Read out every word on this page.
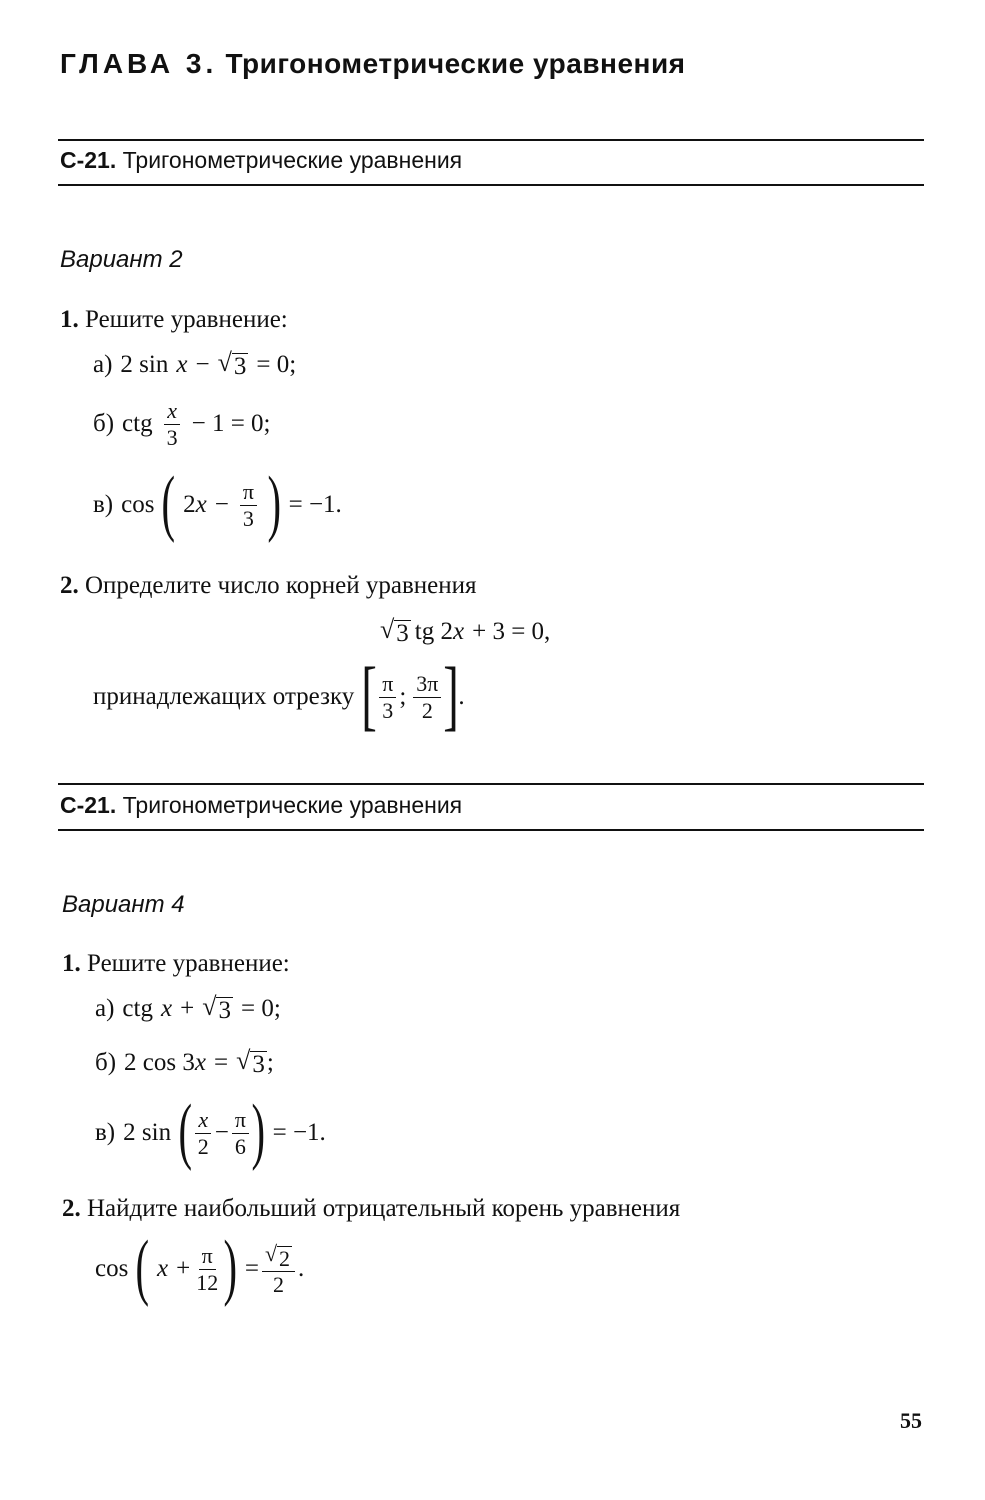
ГЛАВА 3. Тригонометрические уравнения
С-21. Тригонометрические уравнения
Вариант 2
1. Решите уравнение:
а) 2 sin x − √ 3 = 0;
б) ctg $\frac{x}{3} - 1 = 0$;
в) cos ( 2 $x - \frac{\pi}{3}$ ) = −1.
2. Определите число корней уравнения
√ 3 tg 2 x + 3 = 0,
принадлежащих отрезку [ $\frac{\pi}{3}$ ; $\frac{3\pi}{2}$ ] .
С-21. Тригонометрические уравнения
Вариант 4
1. Решите уравнение:
а) ctg x + √ 3 = 0;
б) 2 cos 3 x = √ 3 ;
в) 2 sin ( $\frac{x}{2} - \frac{\pi}{6}$ ) = −1.
2. Найдите наибольший отрицательный корень уравнения
cos ( $x + \frac{\pi}{12}$ ) = $\frac{√ 2}{2}$ .
55
